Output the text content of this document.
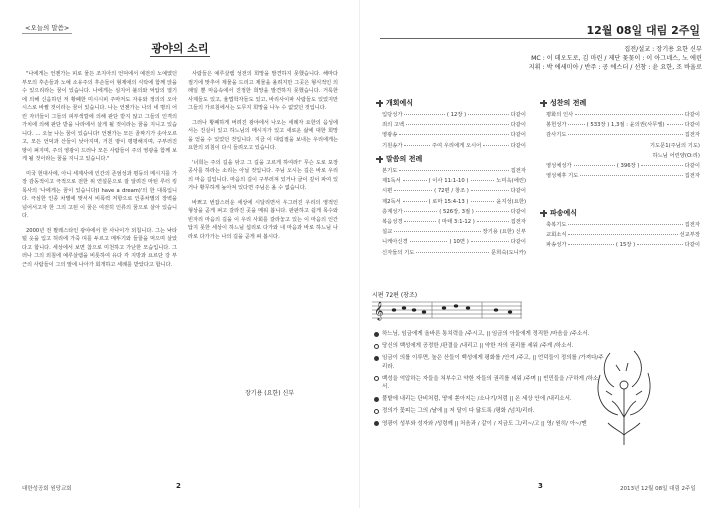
<오늘의 말씀>
광야의 소리

"나에게는 언젠가는 피로 물든 조지아의 언덕에서 예전의 노예였던 부모의 후손들과 노예 소유주의 후손들이 형제애의 식탁에 함께 앉을 수 있으리라는 꿈이 있습니다. 나에게는 심지어 불의와 억압의 열기에 의해 신음하던 저 황폐한 미시시피 주마저도 자유와 정의의 오아시스로 바뀔 것이라는 꿈이 있습니다. 나는 언젠가는 나의 네 명의 어린 자녀들이 그들의 피부색깔에 의해 판단 받지 않고 그들의 인격의 가치에 의해 판단 받을 나라에서 살게 될 것이라는 꿈을 지니고 있습니다. … 오늘 나는 꿈이 있습니다! 언젠가는 모든 골짜기가 솟아오르고, 모든 언덕과 산들이 낮아지며, 거친 땅이 평평해지며, 구부러진 땅이 펴지며, 주의 영광이 드러나 모든 사람들이 주의 영광을 함께 보게 될 것이라는 꿈을 지니고 있습니다."

미국 헌대사에, 아니 세계사에 인간의 존엄성과 평등의 메시지를 가장 감동적이고 극적으로 전한 위 연설문으로 잘 알려진 마틴 루터 킹 목사의 '나에게는 꿈이 있습니다(I have a dream)'의 한 대목입니다. 극심한 인종 차별에 맞서서 비폭력 저항으로 인종차별의 장벽을 넘어서고자 한 그의 고된 이 꿈은 여전히 인류의 꿈으로 살아 있습니다.

2000년 전 팔레스타인 광야에서 한 사나이가 외칩니다. 그는 낙타털 옷을 입고 허리에 가죽 띠를 두르고 메뚜기와 들꿀을 먹으며 살았다고 합니다. 세상에서 보면 참으로 미천하고 가난한 모습입니다. 그러나 그의 외침에 예루살렘을 비롯하여 유다 각 지방과 요르단 강 부근의 사람들이 그의 말에 나아가 회개하고 세례를 받았다고 합니다.

사람들은 예루살렘 성전의 희망을 발견하지 못했습니다. 해마다 절기에 맞추어 제물을 드리고 제물을 올려지만 그곳은 형식적인 의례일 뿐 마음속에서 진정한 희망을 발견하지 못했습니다. 거룩한 사제들도 있고, 율법학자들도 있고, 바리사이파 사람들도 있었지만 그들의 가르침에서는 도무지 희망을 나누 수 없었던 것입니다.

그러나 황폐하게 버려진 광야에서 나오는 세례자 요한의 음성에서는 진실이 있고 하느님의 메시지가 있고 새로운 삶에 대한 희망을 얻을 수 있었던 것입니다. 지금 이 대림절을 보내는 우리에게는 요한의 외침이 다시 들려오고 있습니다.

'너희는 주의 길을 닦고 그 길을 고르게 하여라!' 무슨 도로 포장 공사를 하라는 소리는 아닐 것입니다. 주님 오시는 길은 바로 우리의 마음 길입니다. 마음의 길이 구부러져 있거나 굴이 깊이 파여 있거나 황무하게 높아져 있다면 주님은 올 수 없습니다.

바쁘고 번잡스러운 세상에 시달리면서 우그러진 우리의 영적인 형상을 곧게 펴고 갈라진 곳을 메워 봅니다. 판판하고 쉽게 목수와 빈자리 마음의 길을 이 우리 사회를 갈라놓고 있는 이 마음의 인간답지 못한 세상이 하느님 섭리로 다가와 내 마음과 바로 하느님 나라로 다가가는 나의 길을 곧게 펴 봅시다.

장기용 (요한) 신부
대한성공회 원당교회	2
12월 08일 대림 2주일
집전/설교 : 장기용 요한 신부
MC : 이 데오도로, 김 마린 / 제단 꽃꽂이 : 이 아그네스, 노 에린
지휘 : 박 에세미아 / 반주 : 공 에스더 / 선창 : 윤 요한, 조 바울로
개회예식
입당성가	( 12장 )	다같이
죄의 고백	다같이
영광송	다같이
기원송가	주여 우리에게 오시어	다같이
말씀의 전례
본기도	집전자
제1독서	( 이사 11:1-10 )	노미옥(에린)
시편	( 72편 / 창조 )	다같이
제2독서	( 로마 15:4-13 )	윤지성(요한)
층계성가	( 526장, 3절 )	다같이
복음성경	( 마태 3:1-12 )	집전자
설교	장기용 (요한) 신부
니케아신경	( 10면 )	다같이
신자들의 기도	문희숙(도니카)
성찬의 전례
평화의 인사	다같이
봉헌성가	( 533장 ) 1,3절 : 윤의권(사무엘)	다같이
감사기도	집전자
기도문1(주님의 기도)
하느님 어린양(O:리)
영성체성가	( 396장 )	다같이
영성체후 기도	집전자
파송예식
축복기도	집전자
교회소식	선교부장
파송성가	( 15장 )	다같이
2013년 12월 08일 대림 2주일
3
시편 72편 (창조)
𝄞
하느님, 임금에게 올바른 통치력을 /주시고, || 임금의 아들에게 정직한 /마음을 /주소서.
당신의 백성에게 공정한 /판결을 /내리고 || 약한 자의 권리를 세워 /주게 /하소서.
임금이 의를 이루면, 높은 산들이 백성에게 평화를 /안겨 /주고, || 언덕들이 정의를 /가져다/주리라.
백성을 억압하는 자들을 쳐부수고 약한 자들의 권리를 세워 /주며 || 빈민들을 /구하게 /하소서.
풀밭에 내리는 단비처럼, 땅에 쏟아지는 /소나기/처럼 || 온 세상 안에 /내리소서.
정의가 꽃피는 그의 /날에 || 저 달이 다 닳도록 /평화 /넘치/리라.
영광이 성부와 성자와 /성령께 || 처음과 / 같이 / 지금도 그/리~/고 || 영/ 원히/ 아~/멘
